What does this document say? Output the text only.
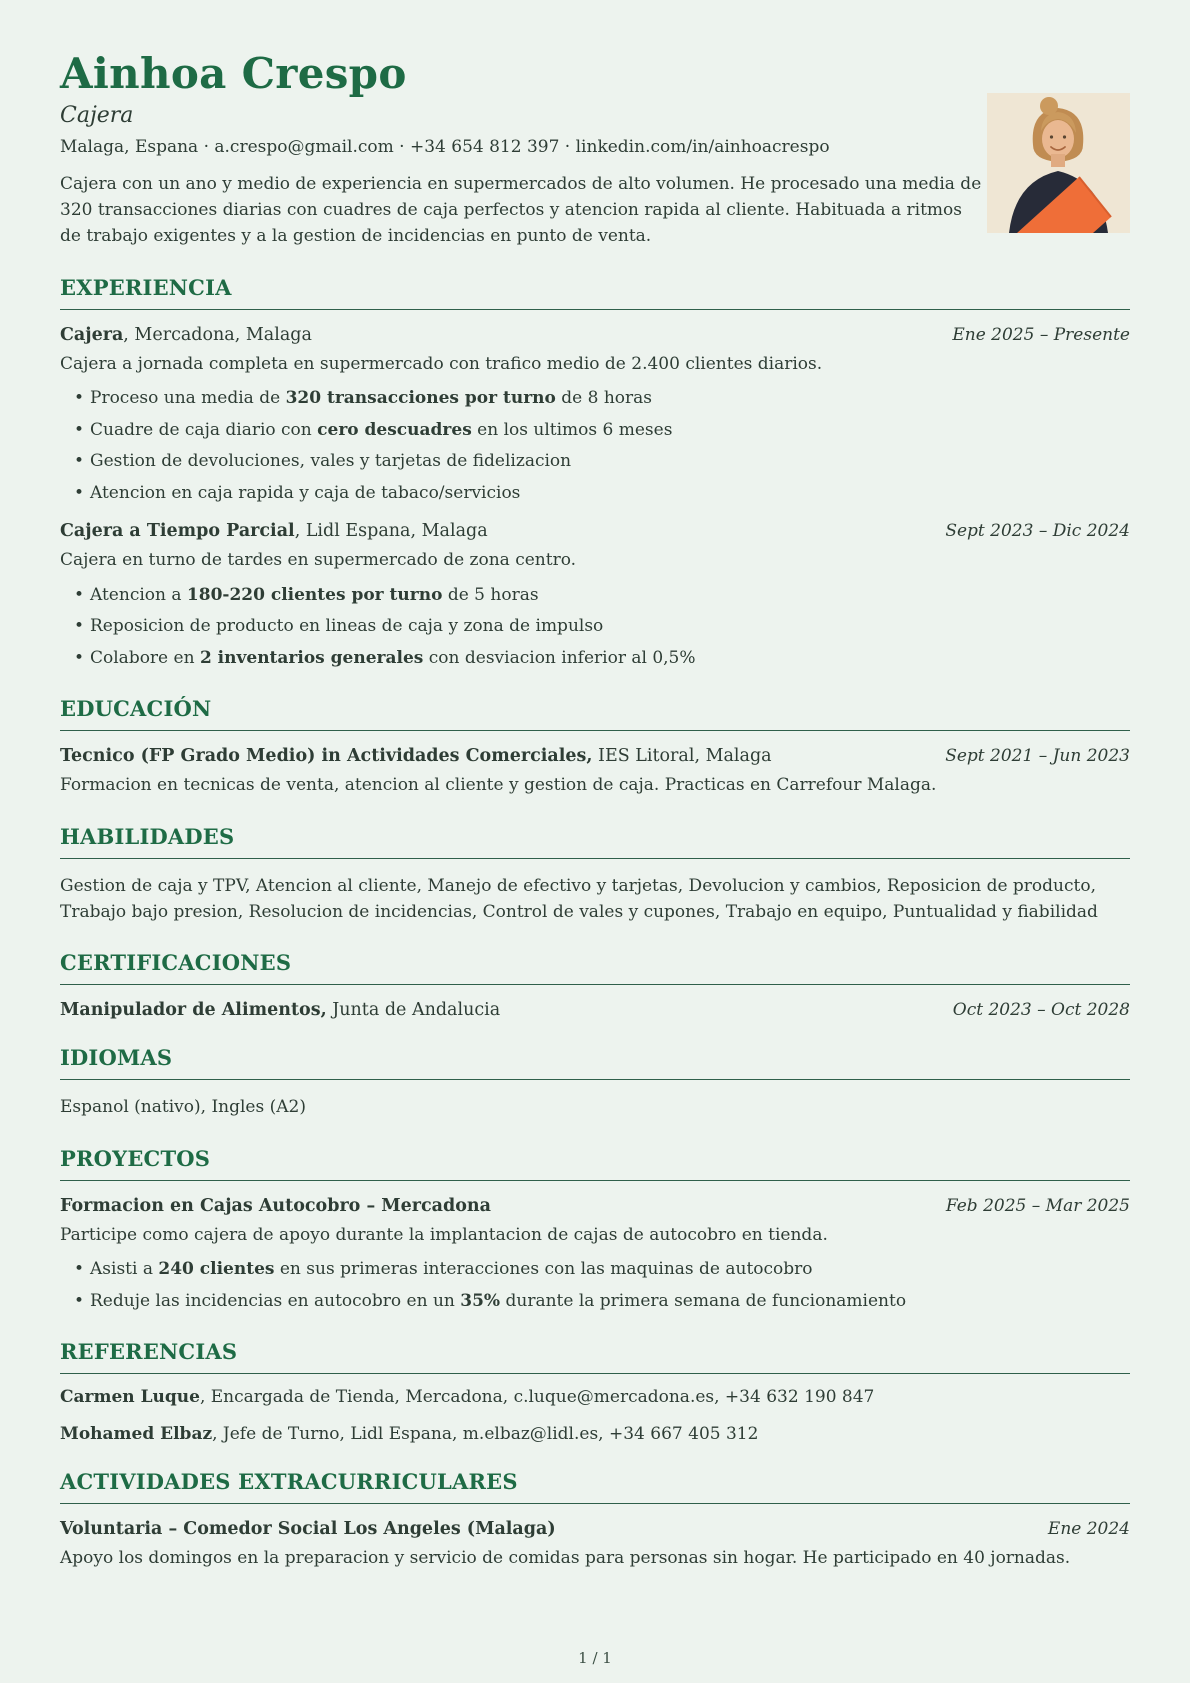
Ainhoa Crespo
Cajera
Malaga, Espana · a.crespo@gmail.com · +34 654 812 397 · linkedin.com/in/ainhoacrespo

Cajera con un ano y medio de experiencia en supermercados de alto volumen. He procesado una media de 320 transacciones diarias con cuadres de caja perfectos y atencion rapida al cliente. Habituada a ritmos de trabajo exigentes y a la gestion de incidencias en punto de venta.

EXPERIENCIA
Cajera, Mercadona, Malaga	Ene 2025 – Presente

Cajera a jornada completa en supermercado con trafico medio de 2.400 clientes diarios.

• Proceso una media de 320 transacciones por turno de 8 horas
• Cuadre de caja diario con cero descuadres en los ultimos 6 meses
• Gestion de devoluciones, vales y tarjetas de fidelizacion
• Atencion en caja rapida y caja de tabaco/servicios
Cajera a Tiempo Parcial, Lidl Espana, Malaga	Sept 2023 – Dic 2024

Cajera en turno de tardes en supermercado de zona centro.

• Atencion a 180-220 clientes por turno de 5 horas
• Reposicion de producto en lineas de caja y zona de impulso
• Colabore en 2 inventarios generales con desviacion inferior al 0,5%
EDUCACIÓN
Tecnico (FP Grado Medio) in Actividades Comerciales, IES Litoral, Malaga	Sept 2021 – Jun 2023

Formacion en tecnicas de venta, atencion al cliente y gestion de caja. Practicas en Carrefour Malaga.

HABILIDADES

Gestion de caja y TPV, Atencion al cliente, Manejo de efectivo y tarjetas, Devolucion y cambios, Reposicion de producto, Trabajo bajo presion, Resolucion de incidencias, Control de vales y cupones, Trabajo en equipo, Puntualidad y fiabilidad

CERTIFICACIONES
Manipulador de Alimentos, Junta de Andalucia	Oct 2023 – Oct 2028
IDIOMAS

Espanol (nativo), Ingles (A2)

PROYECTOS
Formacion en Cajas Autocobro – Mercadona	Feb 2025 – Mar 2025

Participe como cajera de apoyo durante la implantacion de cajas de autocobro en tienda.

• Asisti a 240 clientes en sus primeras interacciones con las maquinas de autocobro
• Reduje las incidencias en autocobro en un 35% durante la primera semana de funcionamiento
REFERENCIAS

Carmen Luque, Encargada de Tienda, Mercadona, c.luque@mercadona.es, +34 632 190 847

Mohamed Elbaz, Jefe de Turno, Lidl Espana, m.elbaz@lidl.es, +34 667 405 312

ACTIVIDADES EXTRACURRICULARES
Voluntaria – Comedor Social Los Angeles (Malaga)	Ene 2024

Apoyo los domingos en la preparacion y servicio de comidas para personas sin hogar. He participado en 40 jornadas.

1 / 1
